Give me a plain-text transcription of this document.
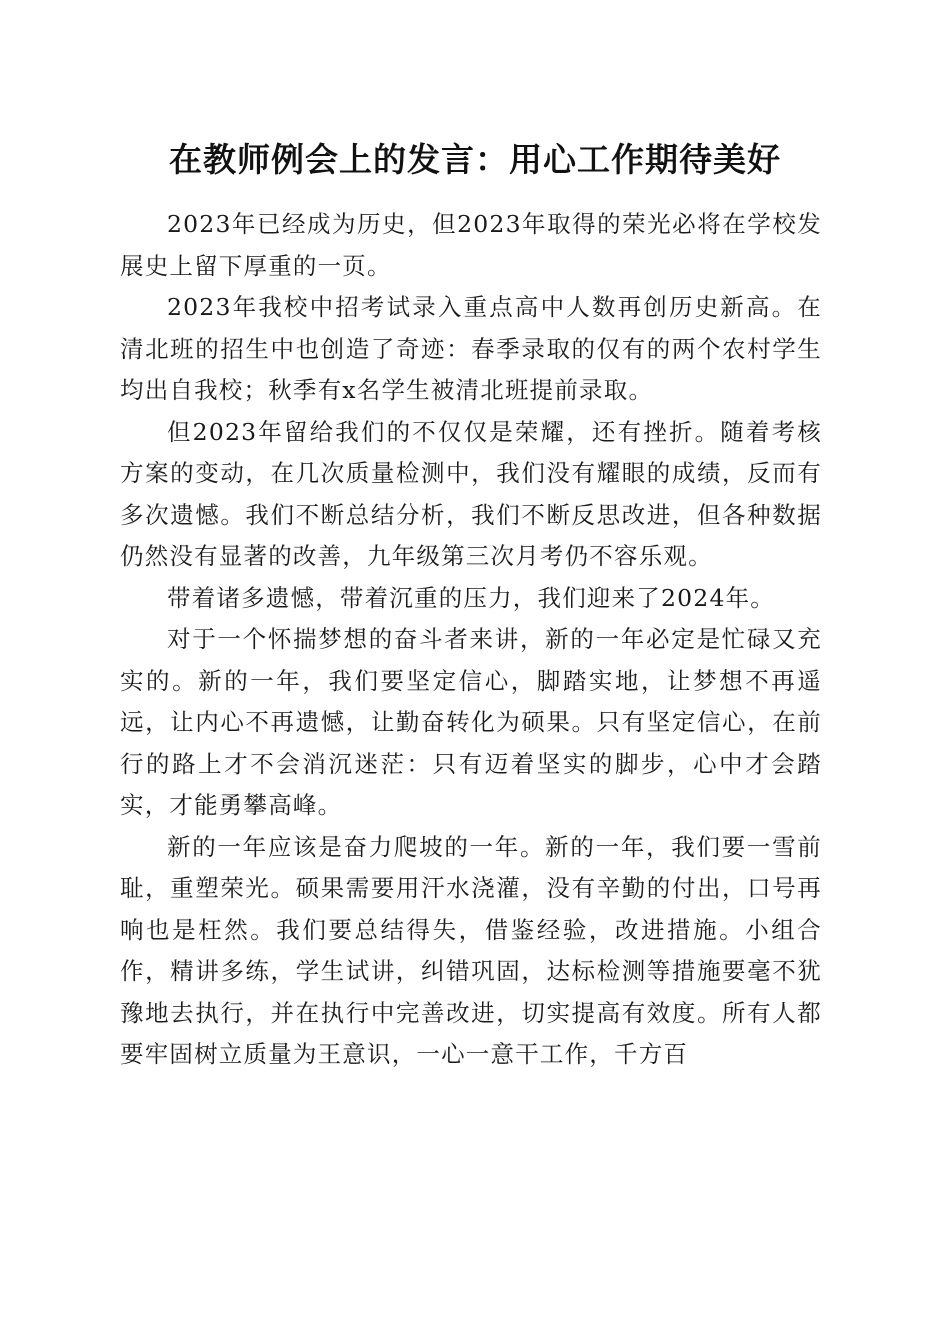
在教师例会上的发言：用心工作期待美好

2023年已经成为历史，但2023年取得的荣光必将在学校发展史上留下厚重的一页。

2023年我校中招考试录入重点高中人数再创历史新高。在清北班的招生中也创造了奇迹：春季录取的仅有的两个农村学生均出自我校；秋季有x名学生被清北班提前录取。

但2023年留给我们的不仅仅是荣耀，还有挫折。随着考核方案的变动，在几次质量检测中，我们没有耀眼的成绩，反而有多次遗憾。我们不断总结分析，我们不断反思改进，但各种数据仍然没有显著的改善，九年级第三次月考仍不容乐观。

带着诸多遗憾，带着沉重的压力，我们迎来了2024年。

对于一个怀揣梦想的奋斗者来讲，新的一年必定是忙碌又充实的。新的一年，我们要坚定信心，脚踏实地，让梦想不再遥远，让内心不再遗憾，让勤奋转化为硕果。只有坚定信心，在前行的路上才不会消沉迷茫：只有迈着坚实的脚步，心中才会踏实，才能勇攀高峰。

新的一年应该是奋力爬坡的一年。新的一年，我们要一雪前耻，重塑荣光。硕果需要用汗水浇灌，没有辛勤的付出，口号再响也是枉然。我们要总结得失，借鉴经验，改进措施。小组合作，精讲多练，学生试讲，纠错巩固，达标检测等措施要毫不犹豫地去执行，并在执行中完善改进，切实提高有效度。所有人都要牢固树立质量为王意识，一心一意干工作，千方百
